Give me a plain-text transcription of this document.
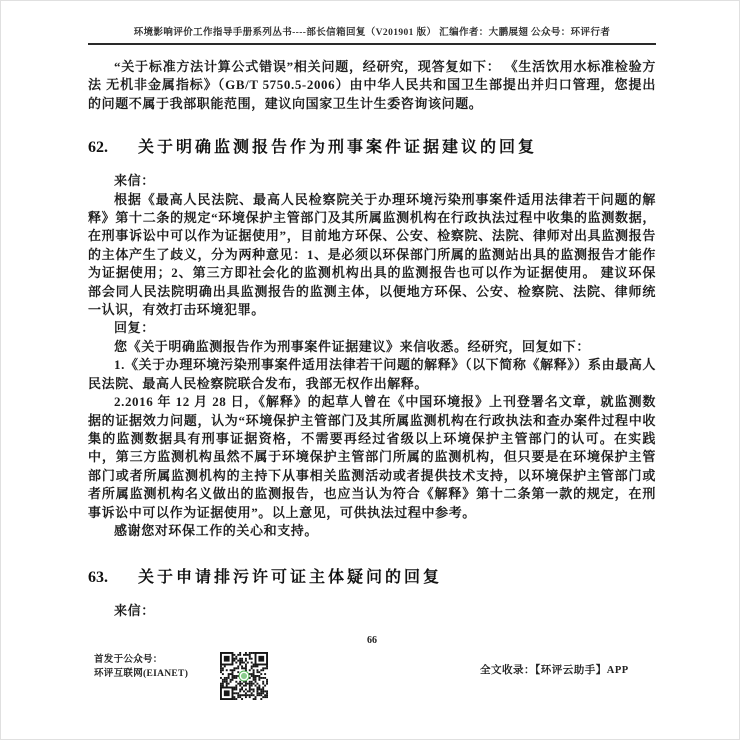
环境影响评价工作指导手册系列丛书----部长信箱回复（V201901 版） 汇编作者：大鹏展翅 公众号：环评行者

“关于标准方法计算公式错误”相关问题，经研究，现答复如下： 《生活饮用水标准检验方法 无机非金属指标》（GB/T 5750.5-2006）由中华人民共和国卫生部提出并归口管理，您提出的问题不属于我部职能范围，建议向国家卫生计生委咨询该问题。

62. 关于明确监测报告作为刑事案件证据建议的回复

来信：

根据《最高人民法院、最高人民检察院关于办理环境污染刑事案件适用法律若干问题的解释》第十二条的规定“环境保护主管部门及其所属监测机构在行政执法过程中收集的监测数据，在刑事诉讼中可以作为证据使用”，目前地方环保、公安、检察院、法院、律师对出具监测报告的主体产生了歧义，分为两种意见：1、是必须以环保部门所属的监测站出具的监测报告才能作为证据使用；2、第三方即社会化的监测机构出具的监测报告也可以作为证据使用。 建议环保部会同人民法院明确出具监测报告的监测主体，以便地方环保、公安、检察院、法院、律师统一认识，有效打击环境犯罪。

回复：

您《关于明确监测报告作为刑事案件证据建议》来信收悉。经研究，回复如下：

1.《关于办理环境污染刑事案件适用法律若干问题的解释》（以下简称《解释》）系由最高人民法院、最高人民检察院联合发布，我部无权作出解释。

2.2016 年 12 月 28 日，《解释》的起草人曾在《中国环境报》上刊登署名文章，就监测数据的证据效力问题，认为“环境保护主管部门及其所属监测机构在行政执法和查办案件过程中收集的监测数据具有刑事证据资格，不需要再经过省级以上环境保护主管部门的认可。在实践中，第三方监测机构虽然不属于环境保护主管部门所属的监测机构，但只要是在环境保护主管部门或者所属监测机构的主持下从事相关监测活动或者提供技术支持，以环境保护主管部门或者所属监测机构名义做出的监测报告，也应当认为符合《解释》第十二条第一款的规定，在刑事诉讼中可以作为证据使用”。以上意见，可供执法过程中参考。

感谢您对环保工作的关心和支持。

63. 关于申请排污许可证主体疑问的回复

来信：

66
首发于公众号：
环评互联网(EIANET)	全文收录：【环评云助手】APP
